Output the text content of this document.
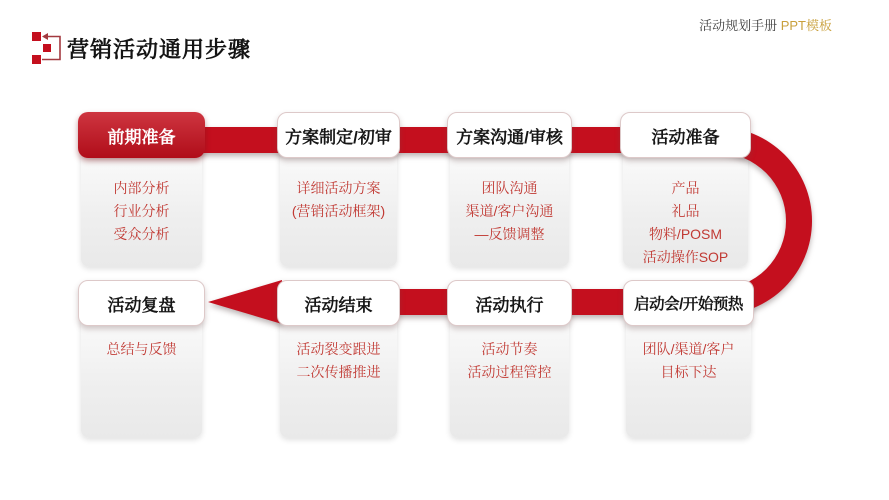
营销活动通用步骤
活动规划手册 PPT模板
内部分析
行业分析
受众分析
前期准备
详细活动方案
(营销活动框架)
方案制定/初审
团队沟通
渠道/客户沟通
—反馈调整
方案沟通/审核
产品
礼品
物料/POSM
活动操作SOP
活动准备
团队/渠道/客户
目标下达
启动会/开始预热
活动节奏
活动过程管控
活动执行
活动裂变跟进
二次传播推进
活动结束
总结与反馈
活动复盘
